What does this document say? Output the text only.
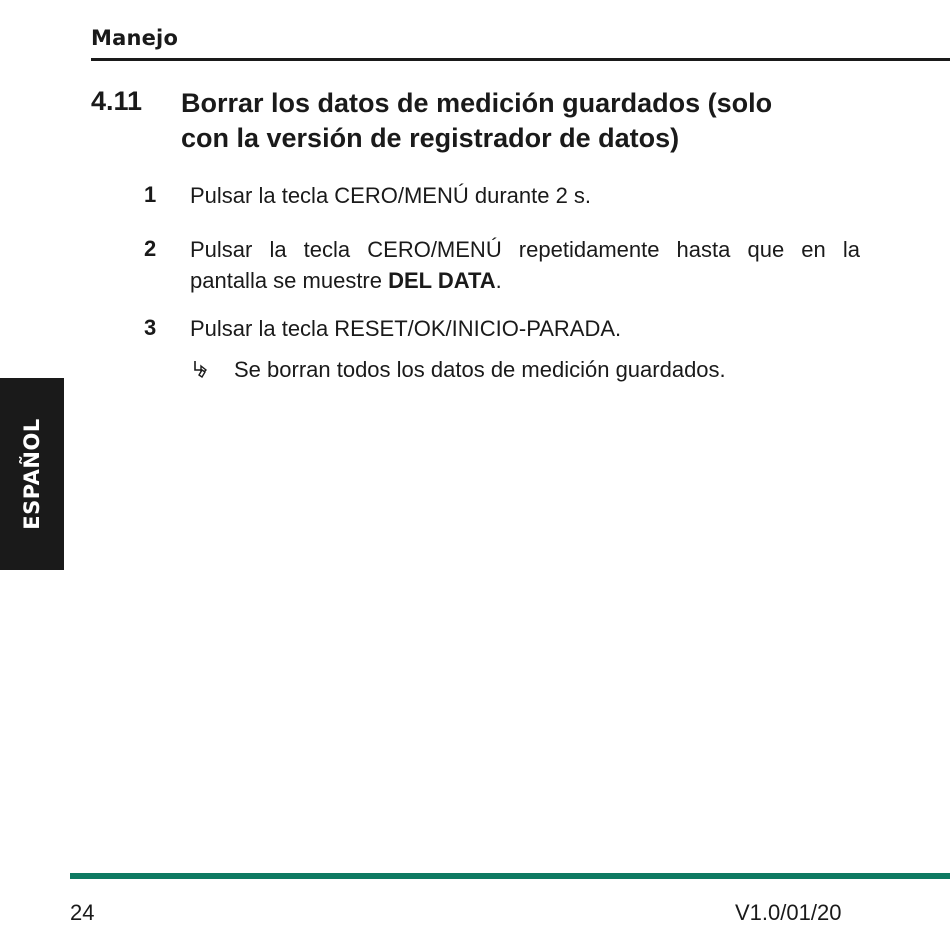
Manejo
4.11 Borrar los datos de medición guardados (solo
con la versión de registrador de datos)
1 Pulsar la tecla CERO/MENÚ durante 2 s.
2 Pulsar la tecla CERO/MENÚ repetidamente hasta que en la
pantalla se muestre DEL DATA.
3 Pulsar la tecla RESET/OK/INICIO-PARADA.
Se borran todos los datos de medición guardados.
ESPAÑOL
24	V1.0/01/20
